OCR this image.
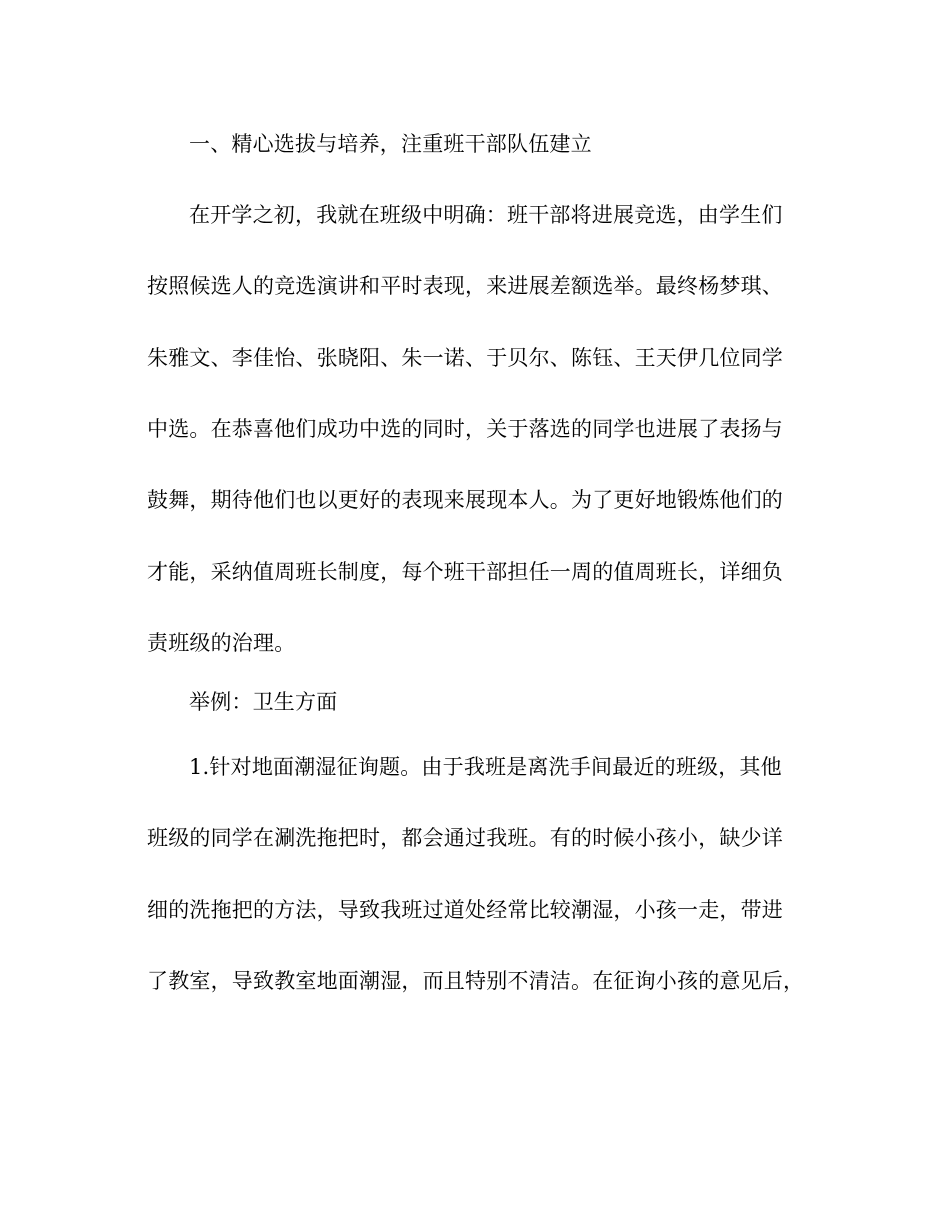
一、精心选拔与培养，注重班干部队伍建立
在开学之初，我就在班级中明确：班干部将进展竞选，由学生们
按照候选人的竞选演讲和平时表现，来进展差额选举。最终杨梦琪、
朱雅文、李佳怡、张晓阳、朱一诺、于贝尔、陈钰、王天伊几位同学
中选。在恭喜他们成功中选的同时，关于落选的同学也进展了表扬与
鼓舞，期待他们也以更好的表现来展现本人。为了更好地锻炼他们的
才能，采纳值周班长制度，每个班干部担任一周的值周班长，详细负
责班级的治理。
举例：卫生方面
1.针对地面潮湿征询题。由于我班是离洗手间最近的班级，其他
班级的同学在涮洗拖把时，都会通过我班。有的时候小孩小，缺少详
细的洗拖把的方法，导致我班过道处经常比较潮湿，小孩一走，带进
了教室，导致教室地面潮湿，而且特别不清洁。在征询小孩的意见后，
